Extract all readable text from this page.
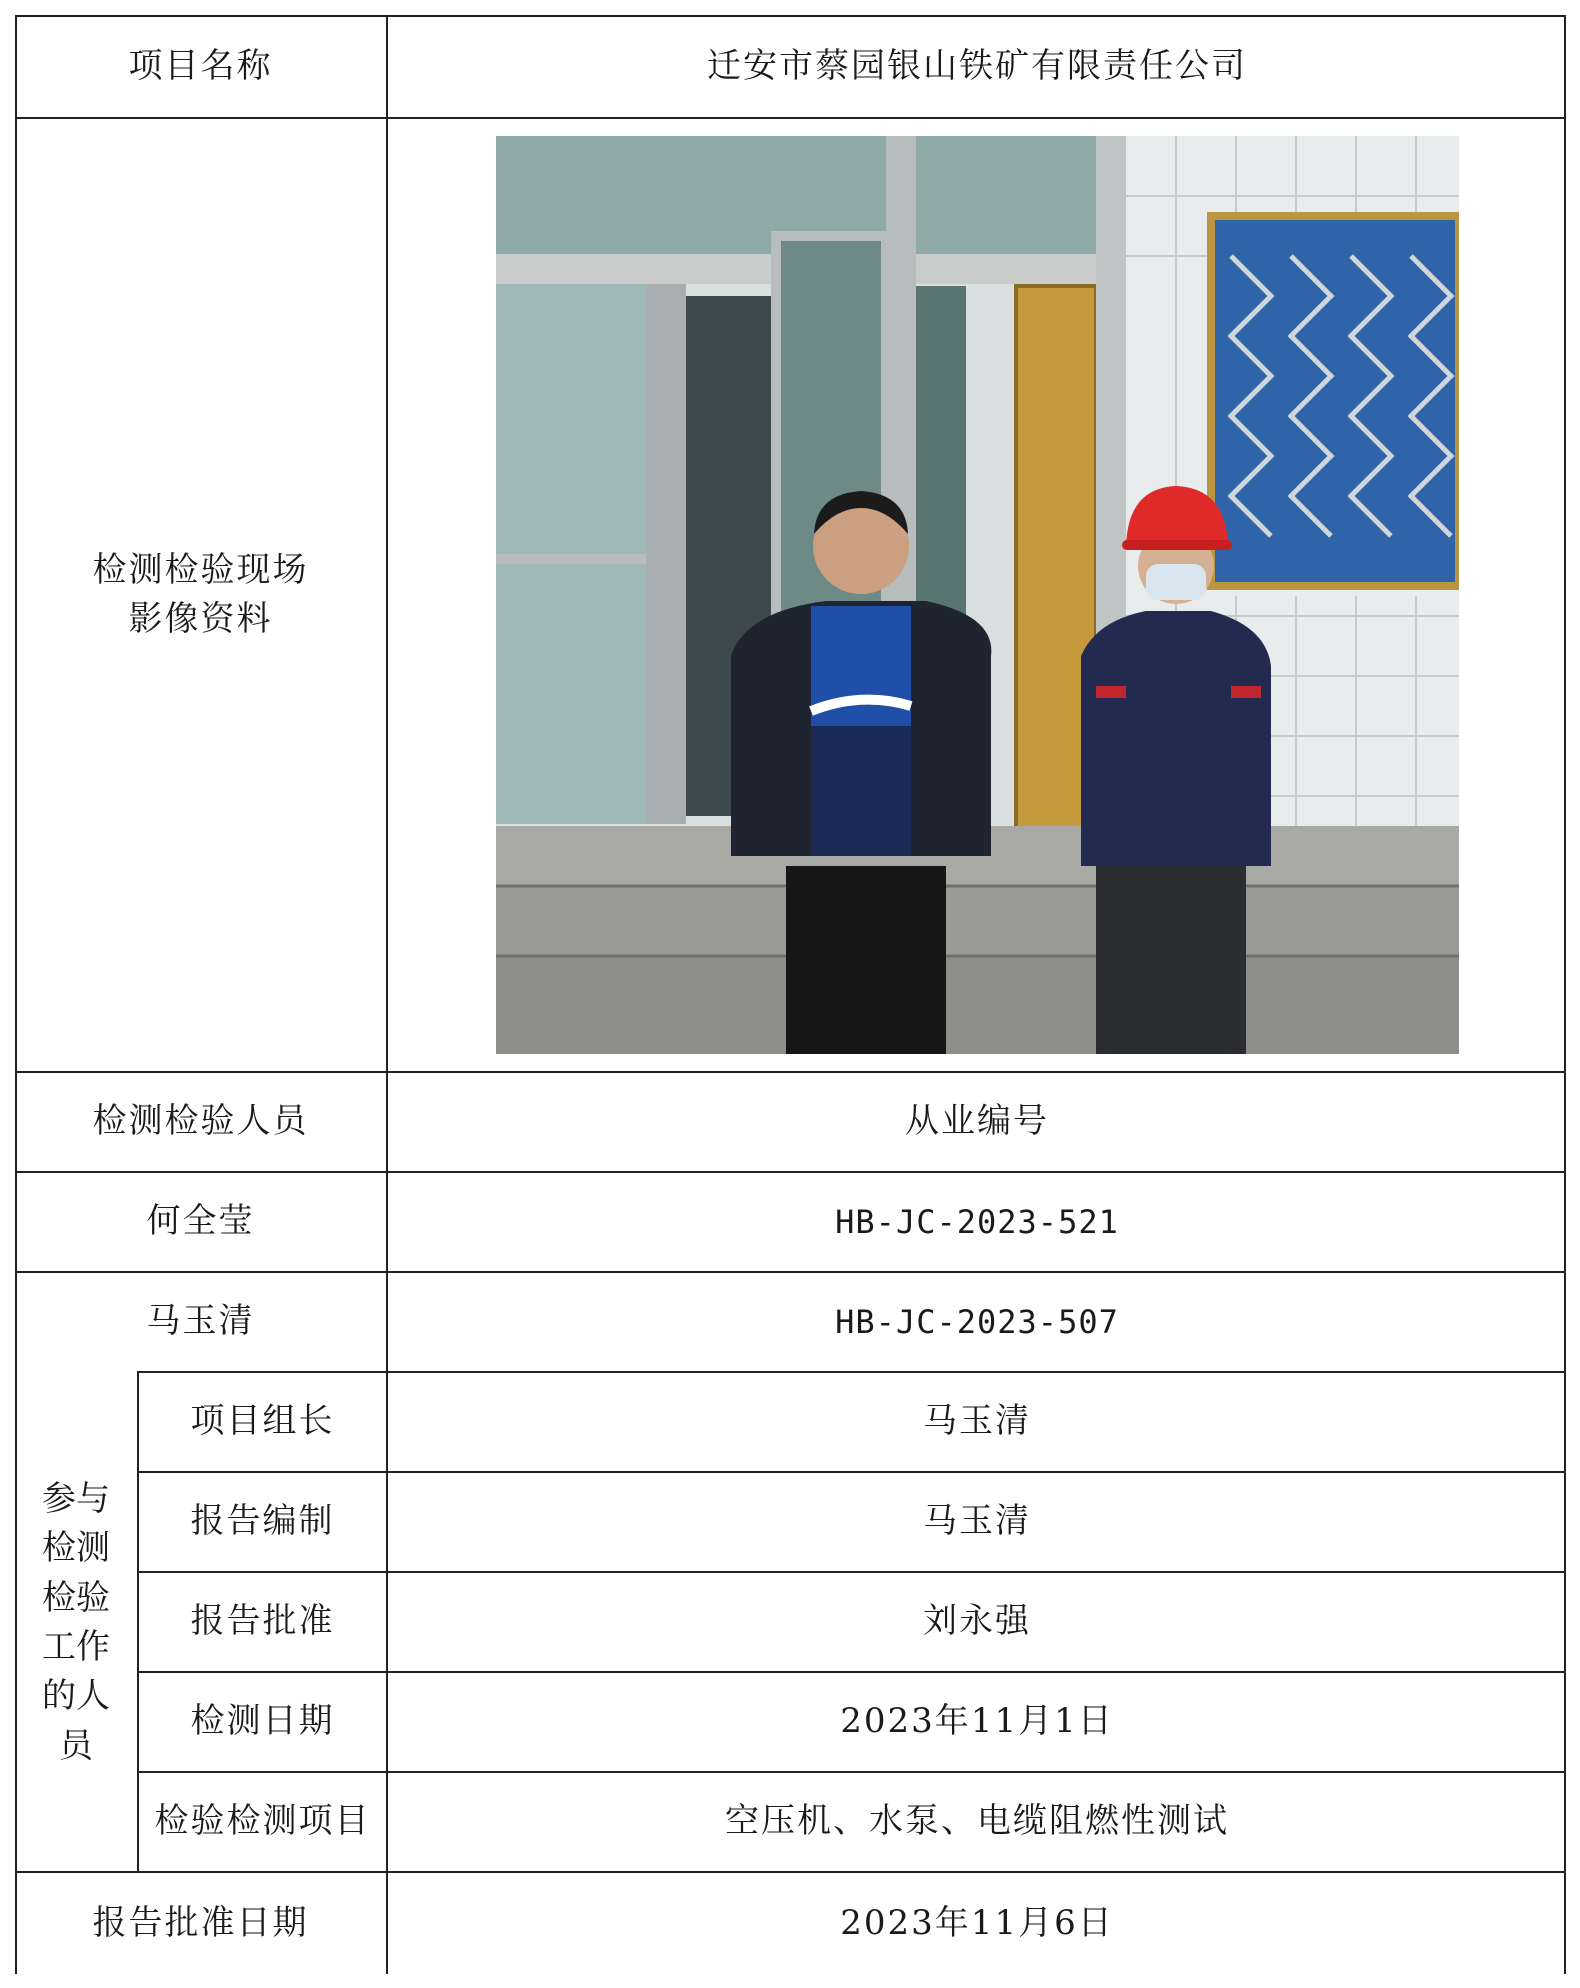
项目名称	迁安市蔡园银山铁矿有限责任公司
检测检验现场
影像资料
检测检验人员	从业编号
何全莹	HB-JC-2023-521
马玉清	HB-JC-2023-507
参与
检测
检验
工作
的人
员
项目组长	马玉清
报告编制	马玉清
报告批准	刘永强
检测日期	2023年11月1日
检验检测项目	空压机、水泵、电缆阻燃性测试
报告批准日期	2023年11月6日
